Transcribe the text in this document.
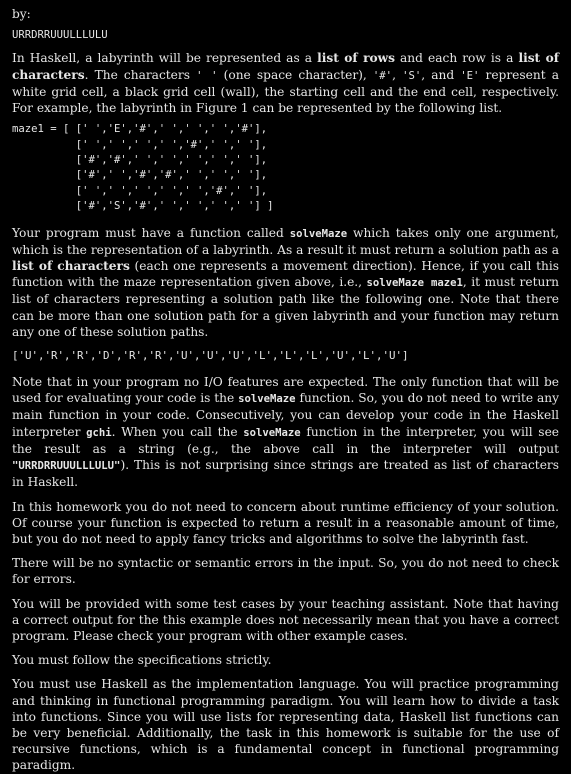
by:

URRDRRUUULLLULU

In Haskell, a labyrinth will be represented as a list of rows and each row is a list of characters. The characters ' ' (one space character), '#', 'S', and 'E' represent a white grid cell, a black grid cell (wall), the starting cell and the end cell, respectively. For example, the labyrinth in Figure 1 can be represented by the following list.

maze1 = [ [' ','E','#',' ',' ',' ','#'],
[' ',' ',' ',' ','#',' ',' '],
['#','#',' ',' ',' ',' ',' '],
['#',' ','#','#',' ',' ',' '],
[' ',' ',' ',' ',' ','#',' '],
['#','S','#',' ',' ',' ',' '] ]

Your program must have a function called solveMaze which takes only one argument, which is the representation of a labyrinth. As a result it must return a solution path as a list of characters (each one represents a movement direction). Hence, if you call this function with the maze representation given above, i.e., solveMaze maze1, it must return list of characters representing a solution path like the following one. Note that there can be more than one solution path for a given labyrinth and your function may return any one of these solution paths.

['U','R','R','D','R','R','U','U','U','L','L','L','U','L','U']

Note that in your program no I/O features are expected. The only function that will be used for evaluating your code is the solveMaze function. So, you do not need to write any main function in your code. Consecutively, you can develop your code in the Haskell interpreter gchi. When you call the solveMaze function in the interpreter, you will see the result as a string (e.g., the above call in the interpreter will output "URRDRRUUULLLULU"). This is not surprising since strings are treated as list of characters in Haskell.

In this homework you do not need to concern about runtime efficiency of your solution. Of course your function is expected to return a result in a reasonable amount of time, but you do not need to apply fancy tricks and algorithms to solve the labyrinth fast.

There will be no syntactic or semantic errors in the input. So, you do not need to check for errors.

You will be provided with some test cases by your teaching assistant. Note that having a correct output for the this example does not necessarily mean that you have a correct program. Please check your program with other example cases.

You must follow the specifications strictly.

You must use Haskell as the implementation language. You will practice programming and thinking in functional programming paradigm. You will learn how to divide a task into functions. Since you will use lists for representing data, Haskell list functions can be very beneficial. Additionally, the task in this homework is suitable for the use of recursive functions, which is a fundamental concept in functional programming paradigm.
